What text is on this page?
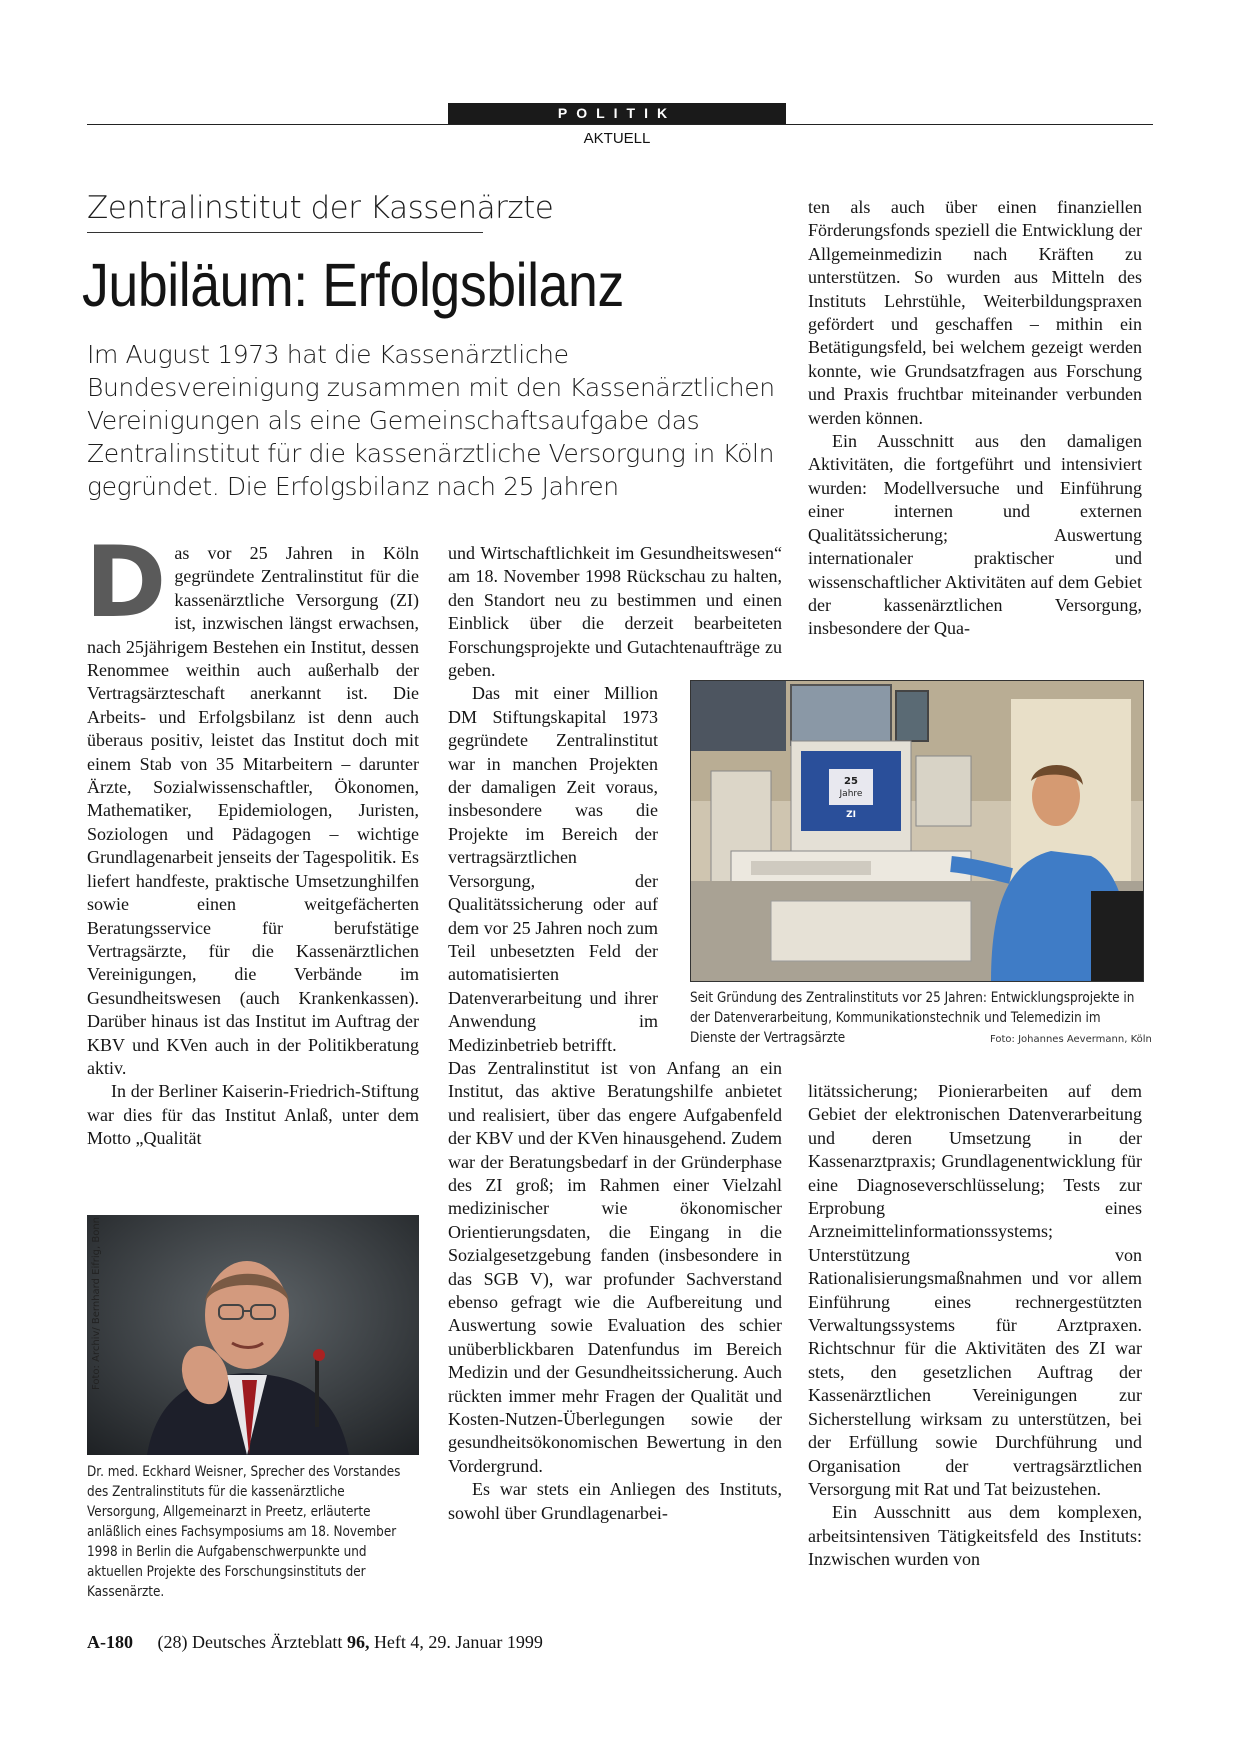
POLITIK
AKTUELL
Zentralinstitut der Kassenärzte
Jubiläum: Erfolgsbilanz
Im August 1973 hat die Kassenärztliche Bundesvereinigung zusammen mit den Kassenärztlichen Vereinigungen als eine Gemeinschaftsaufgabe das Zentralinstitut für die kassenärztliche Versorgung in Köln gegründet. Die Erfolgsbilanz nach 25 Jahren
D as vor 25 Jahren in Köln gegründete Zentralinstitut für die kassenärztliche Versorgung (ZI) ist, inzwischen längst erwachsen, nach 25jährigem Bestehen ein Institut, dessen Renommee weithin auch außerhalb der Vertragsärzteschaft anerkannt ist. Die Arbeits- und Erfolgsbilanz ist denn auch überaus positiv, leistet das Institut doch mit einem Stab von 35 Mitarbeitern – darunter Ärzte, Sozialwissenschaftler, Ökonomen, Mathematiker, Epidemiologen, Juristen, Soziologen und Pädagogen – wichtige Grundlagenarbeit jenseits der Tagespolitik. Es liefert handfeste, praktische Umsetzunghilfen sowie einen weitgefächerten Beratungsservice für berufstätige Vertragsärzte, für die Kassenärztlichen Vereinigungen, die Verbände im Gesundheitswesen (auch Krankenkassen). Darüber hinaus ist das Institut im Auftrag der KBV und KVen auch in der Politikberatung aktiv.

In der Berliner Kaiserin-Friedrich-Stiftung war dies für das Institut Anlaß, unter dem Motto „Qualität

Foto: Archiv/ Bernhard Eifrig, Bonn
Dr. med. Eckhard Weisner, Sprecher des Vorstandes des Zentralinstituts für die kassenärztliche Versorgung, Allgemeinarzt in Preetz, erläuterte anläßlich eines Fachsymposiums am 18. November 1998 in Berlin die Aufgabenschwerpunkte und aktuellen Projekte des Forschungsinstituts der Kassenärzte.

und Wirtschaftlichkeit im Gesundheitswesen“ am 18. November 1998 Rückschau zu halten, den Standort neu zu bestimmen und einen Einblick über die derzeit bearbeiteten Forschungsprojekte und Gutachtenaufträge zu geben.

Das mit einer Million DM Stiftungskapital 1973 gegründete Zentralinstitut war in manchen Projekten der damaligen Zeit voraus, insbesondere was die Projekte im Bereich der vertragsärztlichen Versorgung, der Qualitätssicherung oder auf dem vor 25 Jahren noch zum Teil unbesetzten Feld der automatisierten Datenverarbeitung und ihrer Anwendung im Medizinbetrieb betrifft.

Das Zentralinstitut ist von Anfang an ein Institut, das aktive Beratungshilfe anbietet und realisiert, über das engere Aufgabenfeld der KBV und der KVen hinausgehend. Zudem war der Beratungsbedarf in der Gründerphase des ZI groß; im Rahmen einer Vielzahl medizinischer wie ökonomischer Orientierungsdaten, die Eingang in die Sozialgesetzgebung fanden (insbesondere in das SGB V), war profunder Sachverstand ebenso gefragt wie die Aufbereitung und Auswertung sowie Evaluation des schier unüberblickbaren Datenfundus im Bereich Medizin und der Gesundheitssicherung. Auch rückten immer mehr Fragen der Qualität und Kosten-Nutzen-Überlegungen sowie der gesundheitsökonomischen Bewertung in den Vordergrund.

Es war stets ein Anliegen des Instituts, sowohl über Grundlagenarbei-

ten als auch über einen finanziellen Förderungsfonds speziell die Entwicklung der Allgemeinmedizin nach Kräften zu unterstützen. So wurden aus Mitteln des Instituts Lehrstühle, Weiterbildungspraxen gefördert und geschaffen – mithin ein Betätigungsfeld, bei welchem gezeigt werden konnte, wie Grundsatzfragen aus Forschung und Praxis fruchtbar miteinander verbunden werden können.

Ein Ausschnitt aus den damaligen Aktivitäten, die fortgeführt und intensiviert wurden: Modellversuche und Einführung einer internen und externen Qualitätssicherung; Auswertung internationaler praktischer und wissenschaftlicher Aktivitäten auf dem Gebiet der kassenärztlichen Versorgung, insbesondere der Qua-

25
Jahre
ZI
Seit Gründung des Zentralinstituts vor 25 Jahren: Entwicklungsprojekte in der Datenverarbeitung, Kommunikationstechnik und Telemedizin im Dienste der Vertragsärzte	Foto: Johannes Aevermann, Köln

litätssicherung; Pionierarbeiten auf dem Gebiet der elektronischen Datenverarbeitung und deren Umsetzung in der Kassenarztpraxis; Grundlagenentwicklung für eine Diagnoseverschlüsselung; Tests zur Erprobung eines Arzneimittelinformationssystems; Unterstützung von Rationalisierungsmaßnahmen und vor allem Einführung eines rechnergestützten Verwaltungssystems für Arztpraxen. Richtschnur für die Aktivitäten des ZI war stets, den gesetzlichen Auftrag der Kassenärztlichen Vereinigungen zur Sicherstellung wirksam zu unterstützen, bei der Erfüllung sowie Durchführung und Organisation der vertragsärztlichen Versorgung mit Rat und Tat beizustehen.

Ein Ausschnitt aus dem komplexen, arbeitsintensiven Tätigkeitsfeld des Instituts: Inzwischen wurden von

A-180 (28) Deutsches Ärzteblatt 96, Heft 4, 29. Januar 1999
